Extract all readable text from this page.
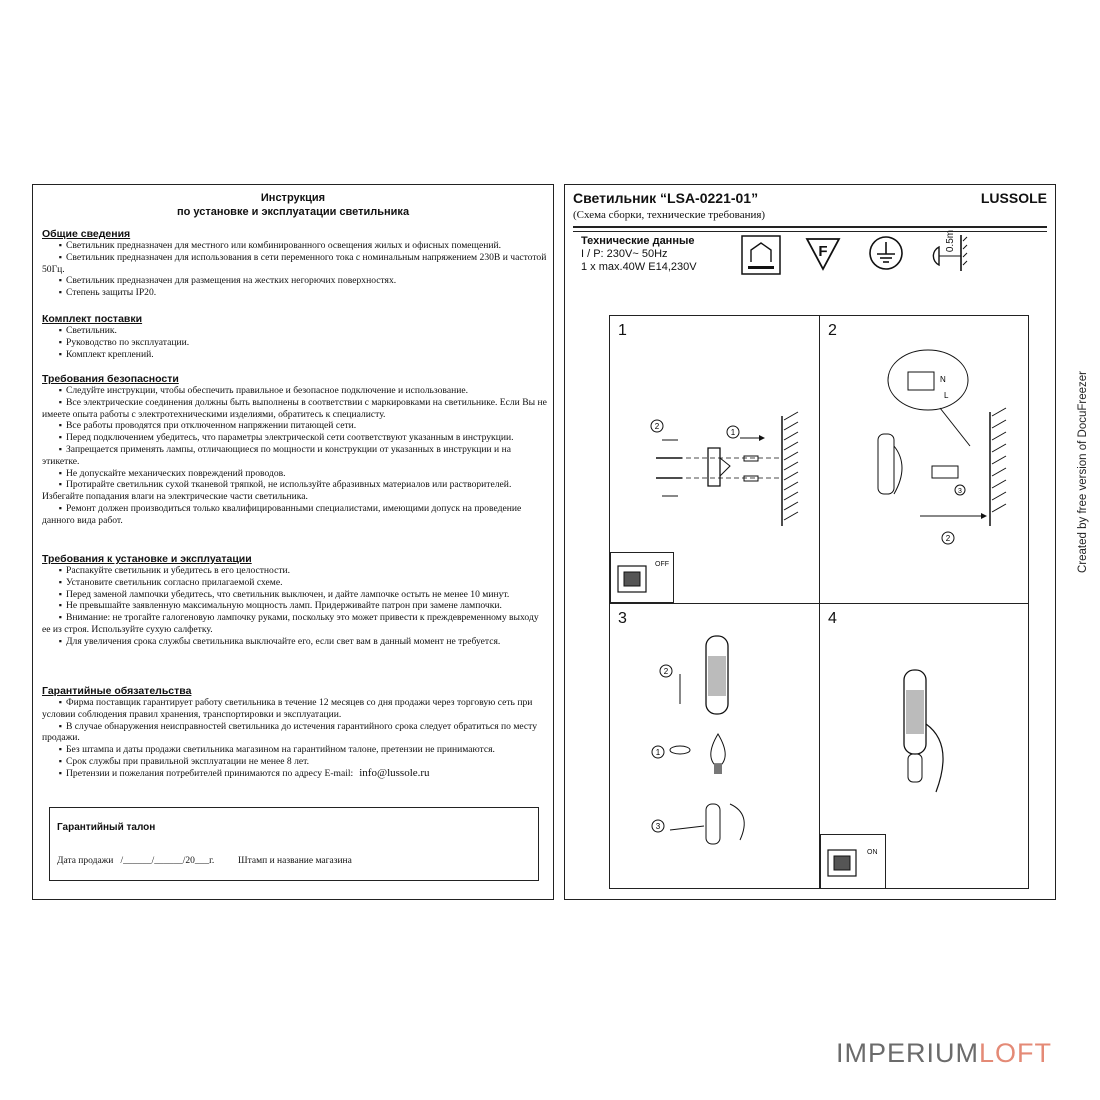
Инструкция
по установке и эксплуатации светильника
Общие сведения
▪ Светильник предназначен для местного или комбинированного освещения жилых и офисных помещений.
▪ Светильник предназначен для использования в сети переменного тока с номинальным напряжением 230В и частотой 50Гц.
▪ Светильник предназначен для размещения на жестких негорючих поверхностях.
▪ Степень защиты IP20.
Комплект поставки
▪ Светильник.
▪ Руководство по эксплуатации.
▪ Комплект креплений.
Требования безопасности
▪ Следуйте инструкции, чтобы обеспечить правильное и безопасное подключение и использование.
▪ Все электрические соединения должны быть выполнены в соответствии с маркировками на светильнике. Если Вы не имеете опыта работы с электротехническими изделиями, обратитесь к специалисту.
▪ Все работы проводятся при отключенном напряжении питающей сети.
▪ Перед подключением убедитесь, что параметры электрической сети соответствуют указанным в инструкции.
▪ Запрещается применять лампы, отличающиеся по мощности и конструкции от указанных в инструкции и на этикетке.
▪ Не допускайте механических повреждений проводов.
▪ Протирайте светильник сухой тканевой тряпкой, не используйте абразивных материалов или растворителей. Избегайте попадания влаги на электрические части светильника.
▪ Ремонт должен производиться только квалифицированными специалистами, имеющими допуск на проведение данного вида работ.
Требования к установке и эксплуатации
▪ Распакуйте светильник и убедитесь в его целостности.
▪ Установите светильник согласно прилагаемой схеме.
▪ Перед заменой лампочки убедитесь, что светильник выключен, и дайте лампочке остыть не менее 10 минут.
▪ Не превышайте заявленную максимальную мощность ламп. Придерживайте патрон при замене лампочки.
▪ Внимание: не трогайте галогеновую лампочку руками, поскольку это может привести к преждевременному выходу ее из строя. Используйте сухую салфетку.
▪ Для увеличения срока службы светильника выключайте его, если свет вам в данный момент не требуется.
Гарантийные обязательства
▪ Фирма поставщик гарантирует работу светильника в течение 12 месяцев со дня продажи через торговую сеть при условии соблюдения правил хранения, транспортировки и эксплуатации.
▪ В случае обнаружения неисправностей светильника до истечения гарантийного срока следует обратиться по месту продажи.
▪ Без штампа и даты продажи светильника магазином на гарантийном талоне, претензии не принимаются.
▪ Срок службы при правильной эксплуатации не менее 8 лет.
▪ Претензии и пожелания потребителей принимаются по адресу E-mail: info@lussole.ru
Гарантийный талон
Дата продажи   /______/______/20___г.          Штамп и название магазина
Светильник “LSA-0221-01”	LUSSOLE
(Схема сборки, технические требования)
Технические данные
I / P: 230V~ 50Hz
1 x max.40W E14,230V
F	0.5m
1
1
2
OFF
2
N
L
2
3
3
2
1
3
4
ON
Created by free version of DocuFreezer
IMPERIUMLOFT
